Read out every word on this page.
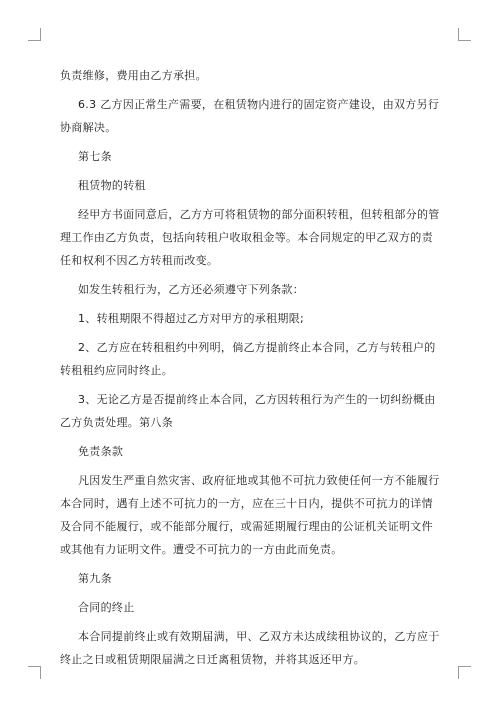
负责维修，费用由乙方承担。

6.3 乙方因正常生产需要，在租赁物内进行的固定资产建设，由双方另行协商解决。

第七条

租赁物的转租

经甲方书面同意后，乙方方可将租赁物的部分面积转租，但转租部分的管理工作由乙方负责，包括向转租户收取租金等。本合同规定的甲乙双方的责任和权利不因乙方转租而改变。

如发生转租行为，乙方还必须遵守下列条款：

1、转租期限不得超过乙方对甲方的承租期限;

2、乙方应在转租租约中列明，倘乙方提前终止本合同，乙方与转租户的转租租约应同时终止。

3、无论乙方是否提前终止本合同，乙方因转租行为产生的一切纠纷概由乙方负责处理。第八条

免责条款

凡因发生严重自然灾害、政府征地或其他不可抗力致使任何一方不能履行本合同时，遇有上述不可抗力的一方，应在三十日内，提供不可抗力的详情及合同不能履行，或不能部分履行，或需延期履行理由的公证机关证明文件或其他有力证明文件。遭受不可抗力的一方由此而免责。

第九条

合同的终止

本合同提前终止或有效期届满，甲、乙双方未达成续租协议的，乙方应于终止之日或租赁期限届满之日迁离租赁物，并将其返还甲方。
